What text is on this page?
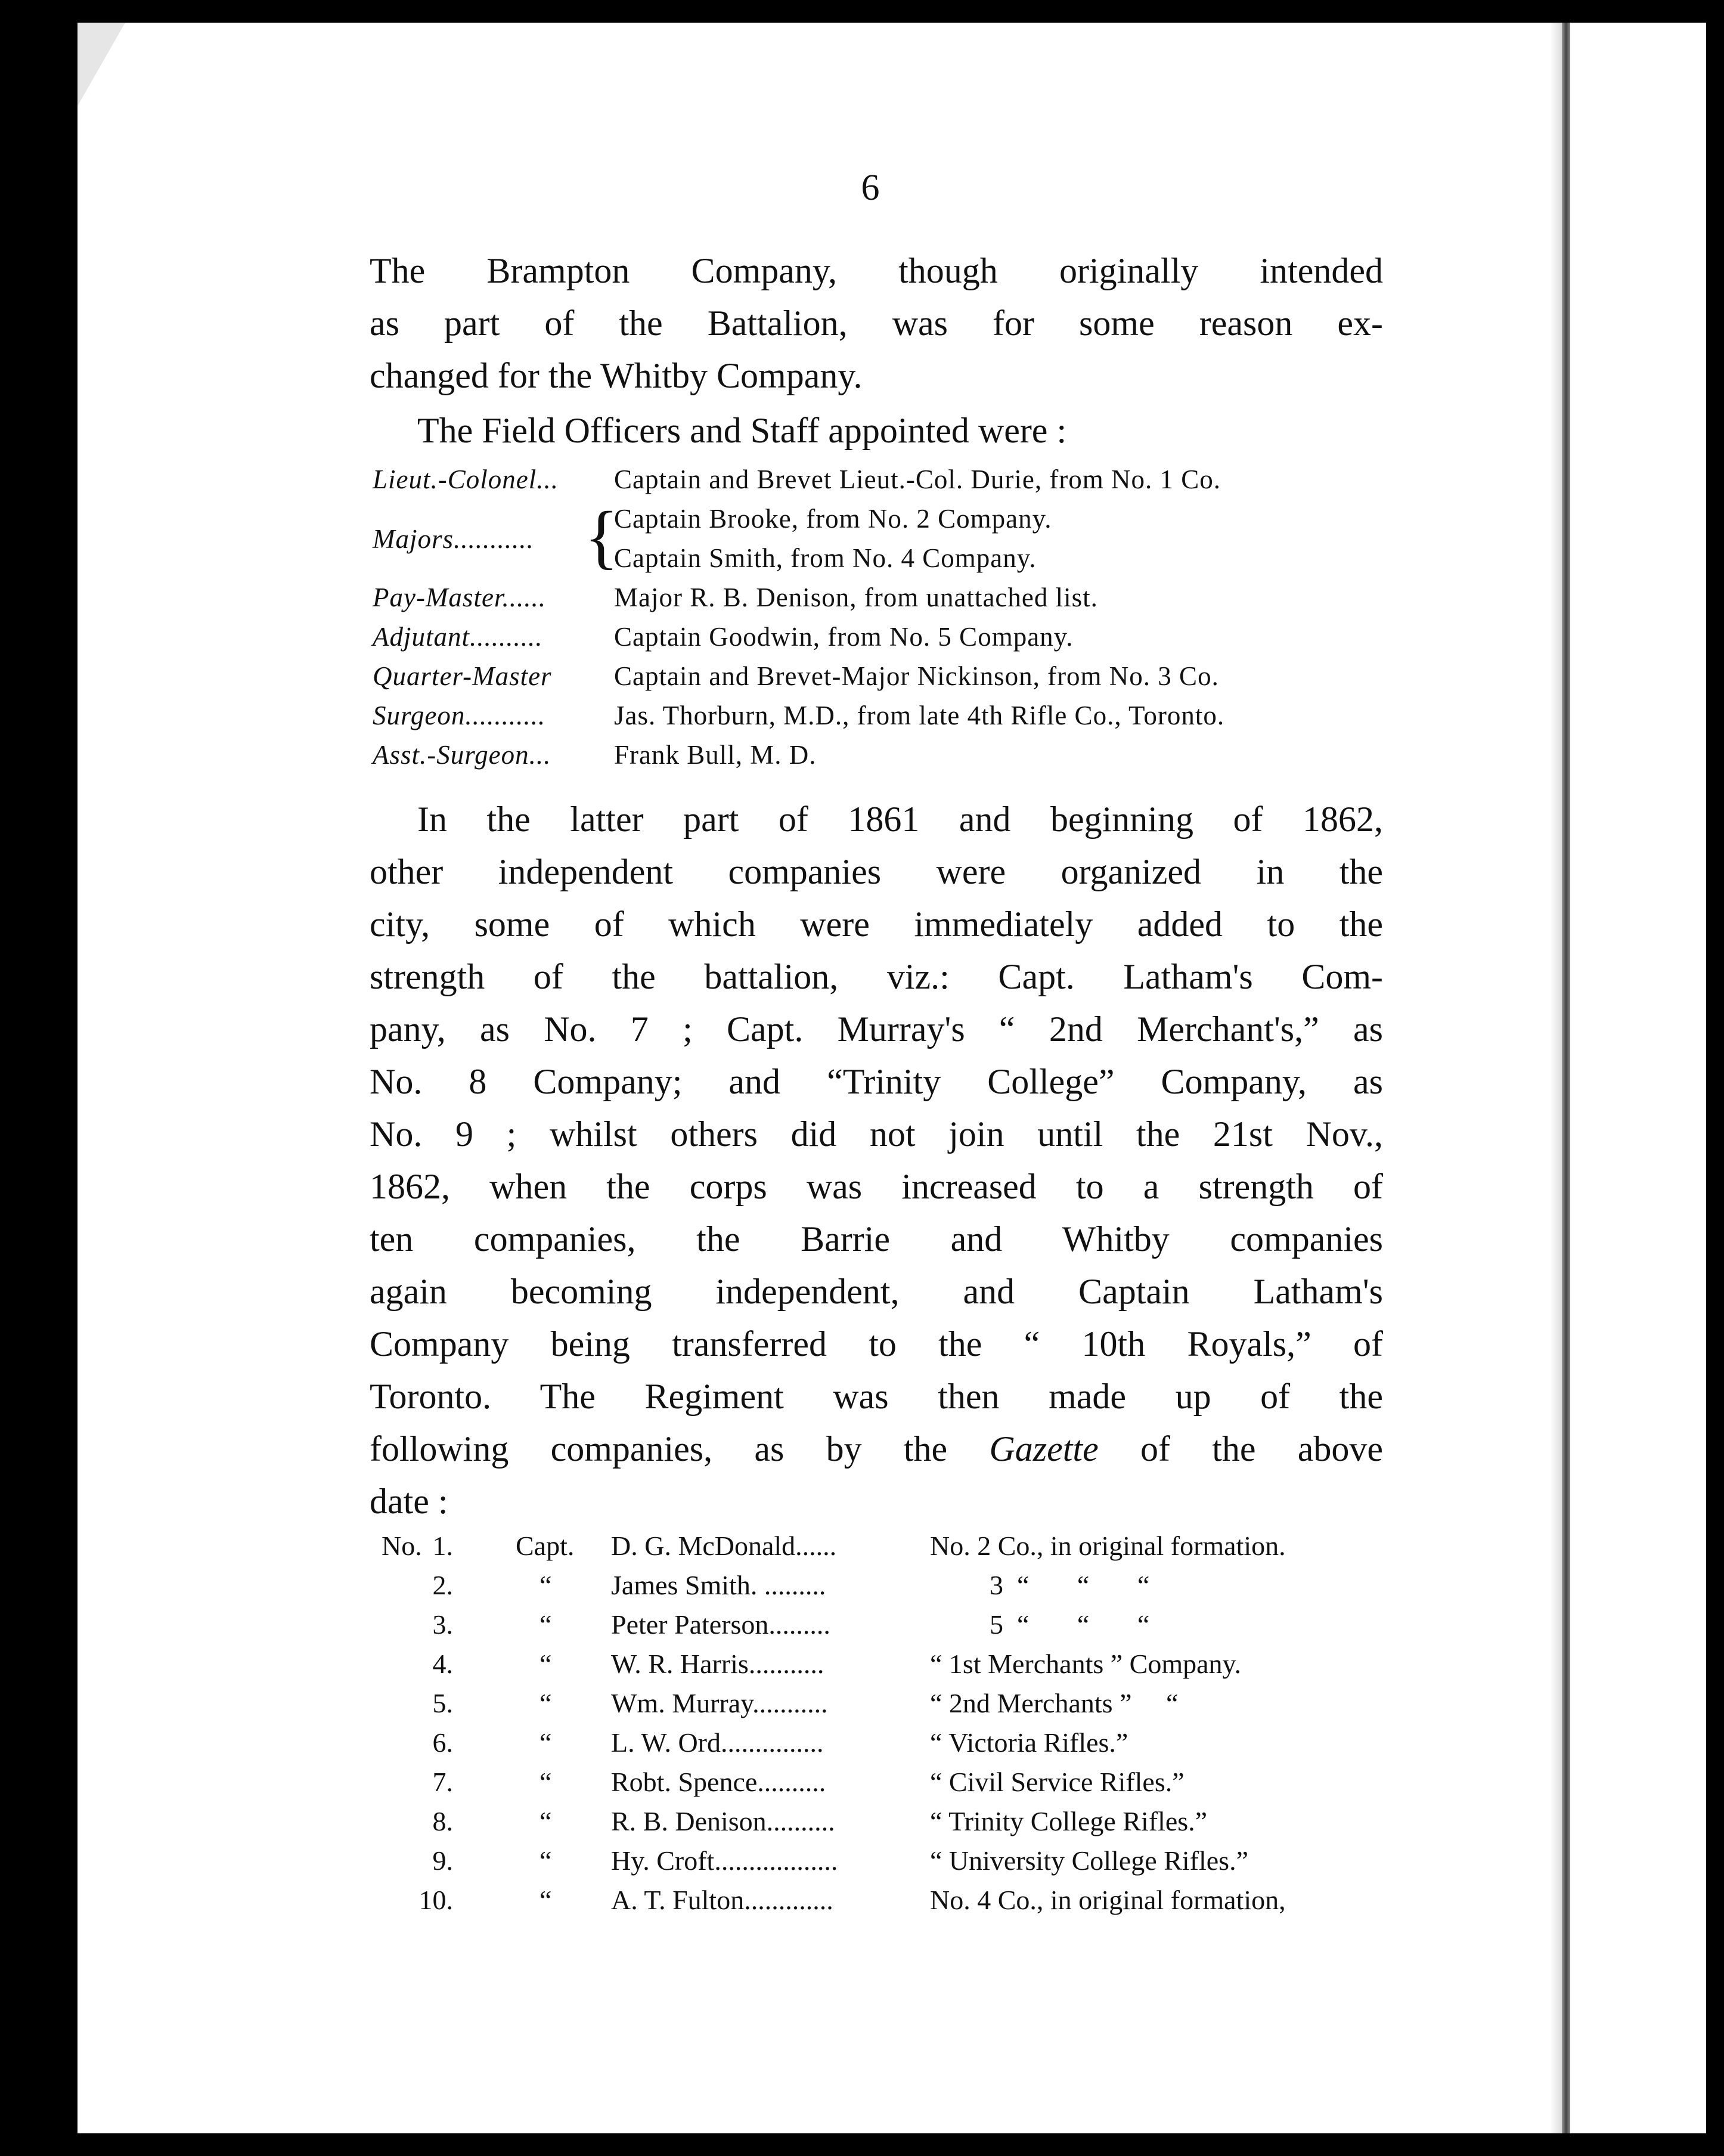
6
The Brampton Company, though originally intended
as part of the Battalion, was for some reason ex-
changed for the Whitby Company.
The Field Officers and Staff appointed were :
Lieut.-Colonel...	Captain and Brevet Lieut.-Col. Durie, from No. 1 Co.
Majors........... {
Captain Brooke, from No. 2 Company.
Captain Smith, from No. 4 Company.
Pay-Master......	Major R. B. Denison, from unattached list.
Adjutant..........	Captain Goodwin, from No. 5 Company.
Quarter-Master	Captain and Brevet-Major Nickinson, from No. 3 Co.
Surgeon...........	Jas. Thorburn, M.D., from late 4th Rifle Co., Toronto.
Asst.-Surgeon...	Frank Bull, M. D.
In the latter part of 1861 and beginning of 1862,
other independent companies were organized in the
city, some of which were immediately added to the
strength of the battalion, viz.: Capt. Latham's Com-
pany, as No. 7 ; Capt. Murray's “ 2nd Merchant's,” as
No. 8 Company; and “Trinity College” Company, as
No. 9 ; whilst others did not join until the 21st Nov.,
1862, when the corps was increased to a strength of
ten companies, the Barrie and Whitby companies
again becoming independent, and Captain Latham's
Company being transferred to the “ 10th Royals,” of
Toronto. The Regiment was then made up of the
following companies, as by the Gazette of the above
date :
No. 1. Capt. D. G. McDonald......	No. 2 Co., in original formation.
2.	“ James Smith. .........	3  “       “       “
3.	“ Peter Paterson.........	5  “       “       “
4.	“ W. R. Harris...........	“ 1st Merchants ” Company.
5.	“ Wm. Murray...........	“ 2nd Merchants ”     “
6.	“ L. W. Ord...............	“ Victoria Rifles.”
7.	“ Robt. Spence..........	“ Civil Service Rifles.”
8.	“ R. B. Denison..........	“ Trinity College Rifles.”
9.	“ Hy. Croft..................	“ University College Rifles.”
10.	“ A. T. Fulton.............	No. 4 Co., in original formation,
